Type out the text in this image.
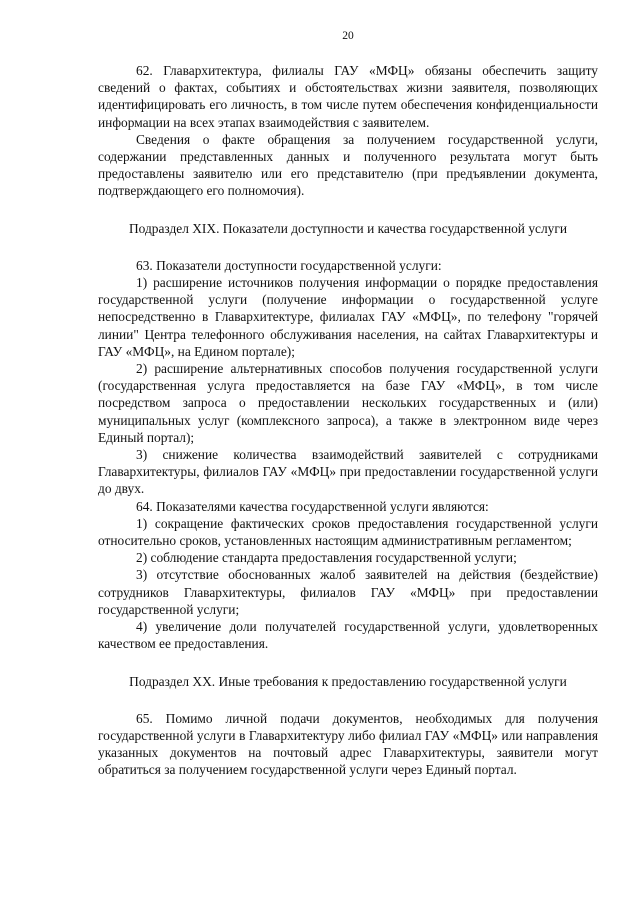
20

62. Главархитектура, филиалы ГАУ «МФЦ» обязаны обеспечить защиту сведений о фактах, событиях и обстоятельствах жизни заявителя, позволяющих идентифицировать его личность, в том числе путем обеспечения конфиденциальности информации на всех этапах взаимодействия с заявителем.

Сведения о факте обращения за получением государственной услуги, содержании представленных данных и полученного результата могут быть предоставлены заявителю или его представителю (при предъявлении документа, подтверждающего его полномочия).

Подраздел XIX. Показатели доступности и качества государственной услуги

63. Показатели доступности государственной услуги:

1) расширение источников получения информации о порядке предоставления государственной услуги (получение информации о государственной услуге непосредственно в Главархитектуре, филиалах ГАУ «МФЦ», по телефону "горячей линии" Центра телефонного обслуживания населения, на сайтах Главархитектуры и ГАУ «МФЦ», на Едином портале);

2) расширение альтернативных способов получения государственной услуги (государственная услуга предоставляется на базе ГАУ «МФЦ», в том числе посредством запроса о предоставлении нескольких государственных и (или) муниципальных услуг (комплексного запроса), а также в электронном виде через Единый портал);

3) снижение количества взаимодействий заявителей с сотрудниками Главархитектуры, филиалов ГАУ «МФЦ» при предоставлении государственной услуги до двух.

64. Показателями качества государственной услуги являются:

1) сокращение фактических сроков предоставления государственной услуги относительно сроков, установленных настоящим административным регламентом;

2) соблюдение стандарта предоставления государственной услуги;

3) отсутствие обоснованных жалоб заявителей на действия (бездействие) сотрудников Главархитектуры, филиалов ГАУ «МФЦ» при предоставлении государственной услуги;

4) увеличение доли получателей государственной услуги, удовлетворенных качеством ее предоставления.

Подраздел XX. Иные требования к предоставлению государственной услуги

65. Помимо личной подачи документов, необходимых для получения государственной услуги в Главархитектуру либо филиал ГАУ «МФЦ» или направления указанных документов на почтовый адрес Главархитектуры, заявители могут обратиться за получением государственной услуги через Единый портал.
